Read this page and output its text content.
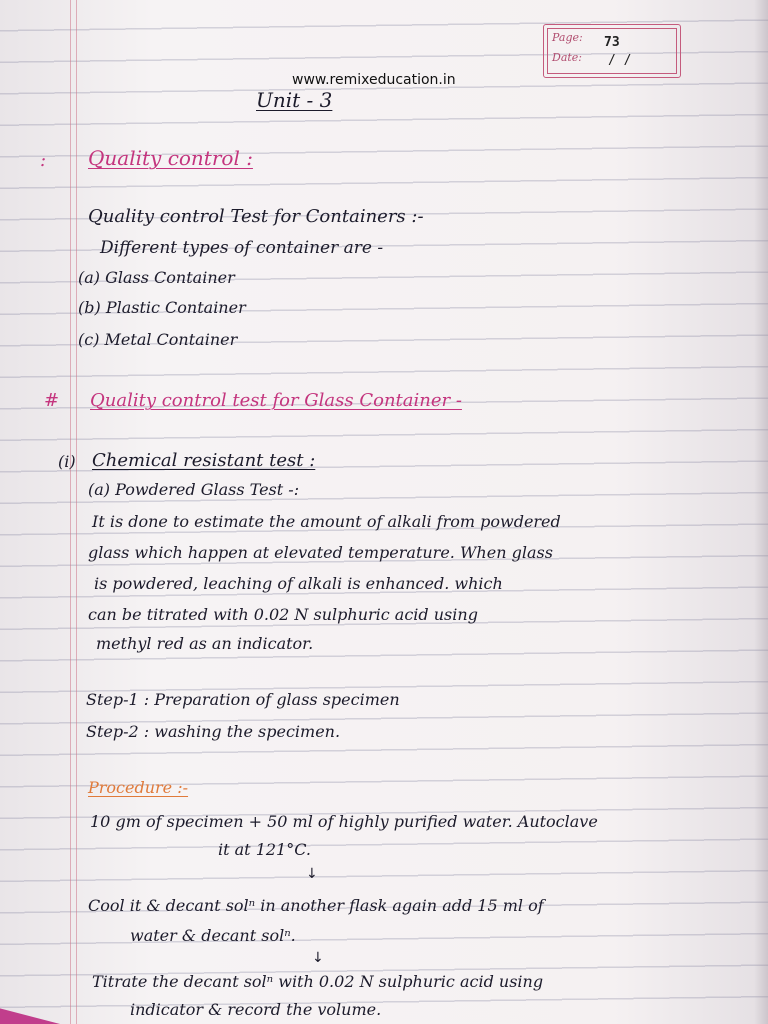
Page:
Date:
73
/ /
www.remixeducation.in
Unit - 3
: Quality control :
Quality control Test for Containers :-
Different types of container are -
(a) Glass Container
(b) Plastic Container
(c) Metal Container
# Quality control test for Glass Container -
(i) Chemical resistant test :
(a) Powdered Glass Test -:
It is done to estimate the amount of alkali from powdered
glass which happen at elevated temperature. When glass
is powdered, leaching of alkali is enhanced. which
can be titrated with 0.02 N sulphuric acid using
methyl red as an indicator.
Step-1 : Preparation of glass specimen
Step-2 : washing the specimen.
Procedure :-
10 gm of specimen + 50 ml of highly purified water. Autoclave
it at 121°C.
↓
Cool it & decant solⁿ in another flask again add 15 ml of
water & decant solⁿ.
↓
Titrate the decant solⁿ with 0.02 N sulphuric acid using
indicator & record the volume.
